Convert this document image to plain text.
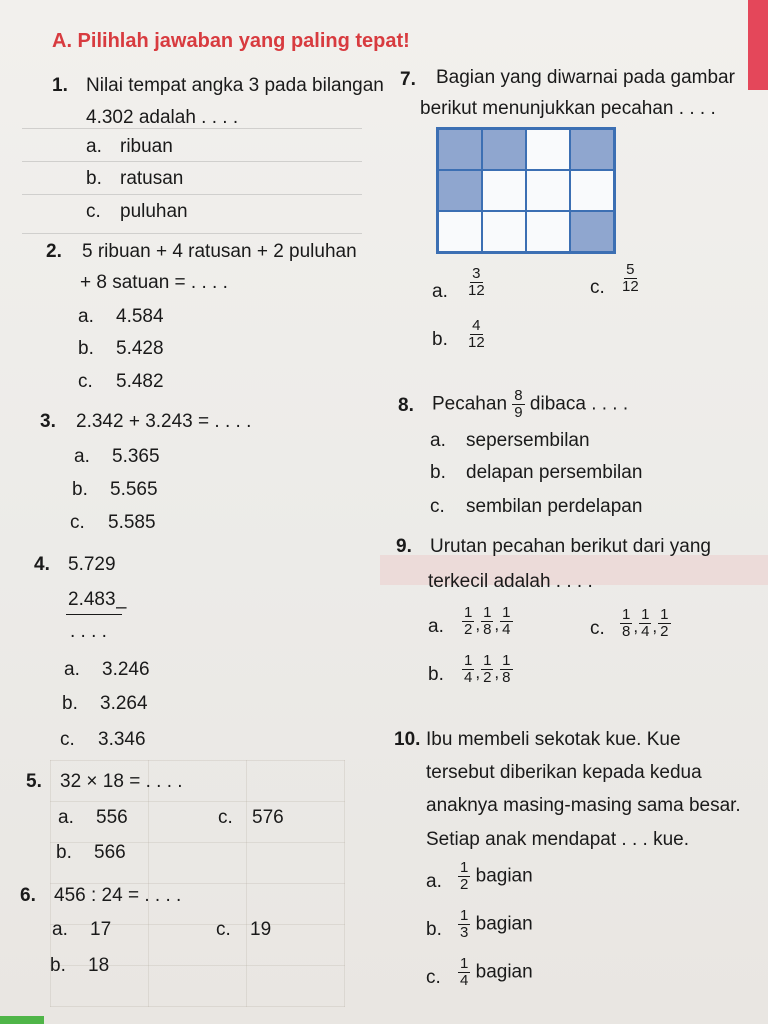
A. Pilihlah jawaban yang paling tepat!
1. Nilai tempat angka 3 pada bilangan
4.302 adalah . . . .
a. ribuan
b. ratusan
c. puluhan
2. 5 ribuan + 4 ratusan + 2 puluhan
+ 8 satuan = . . . .
a. 4.584
b. 5.428
c. 5.482
3. 2.342 + 3.243 = . . . .
a. 5.365
b. 5.565
c. 5.585
4. 5.729
2.483 –
. . . .
a. 3.246
b. 3.264
c. 3.346
5. 32 × 18 = . . . .
a. 556	c. 576
b. 566
6. 456 : 24 = . . . .
a. 17	c. 19
b. 18
7. Bagian yang diwarnai pada gambar
berikut menunjukkan pecahan . . . .
a. $\frac{3}{12}$	c. $\frac{5}{12}$
b. $\frac{4}{12}$
8. Pecahan $\frac{8}{9}$ dibaca . . . .
a. sepersembilan
b. delapan persembilan
c. sembilan perdelapan
9. Urutan pecahan berikut dari yang
terkecil adalah . . . .
a. $\frac{1}{2}$ , $\frac{1}{8}$ , $\frac{1}{4}$	c. $\frac{1}{8}$ , $\frac{1}{4}$ , $\frac{1}{2}$
b. $\frac{1}{4}$ , $\frac{1}{2}$ , $\frac{1}{8}$
10. Ibu membeli sekotak kue. Kue
tersebut diberikan kepada kedua
anaknya masing-masing sama besar.
Setiap anak mendapat . . . kue.
a. $\frac{1}{2}$ bagian
b. $\frac{1}{3}$ bagian
c. $\frac{1}{4}$ bagian
